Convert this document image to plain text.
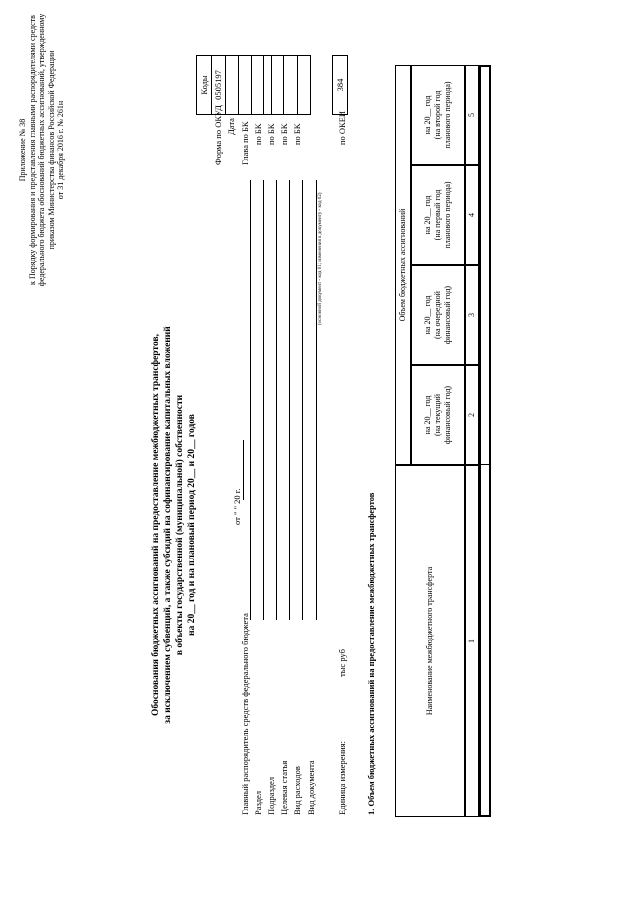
Приложение № 38 к Порядку формирования и представления главными распорядителями средств федерального бюджета обоснований бюджетных ассигнований, утвержденному приказом Министерства финансов Российской Федерации от 31 декабря 2016 г. № 261н
Обоснования бюджетных ассигнований на предоставление межбюджетных трансфертов, за исключением субвенций, а также субсидий на софинансирование капитальных вложений в объекты государственной (муниципальной) собственности на 20__ год и на плановый период 20__ и 20__ годов	от " " 20 г.
Коды 0505197
Форма по ОКУД Дата
Главный распорядитель средств федерального бюджета
Глава по БК
Раздел
по БК
Подраздел
по БК
Целевая статья
по БК
Вид расходов
по БК
Вид документа
(основной документ - код 01; изменения к документу - код 02)
Единица измерения:
тыс руб
по ОКЕИ
384
1. Объем бюджетных ассигнований на предоставление межбюджетных трансфертов	Наименование межбюджетного трансферта
Объем бюджетных ассигнований
на 20__ год (на текущий финансовый год)
на 20__ год (на очередной финансовый год)
на 20__ год (на первый год планового периода)
на 20__ год (на второй год планового периода)
1
2
3
4
5
